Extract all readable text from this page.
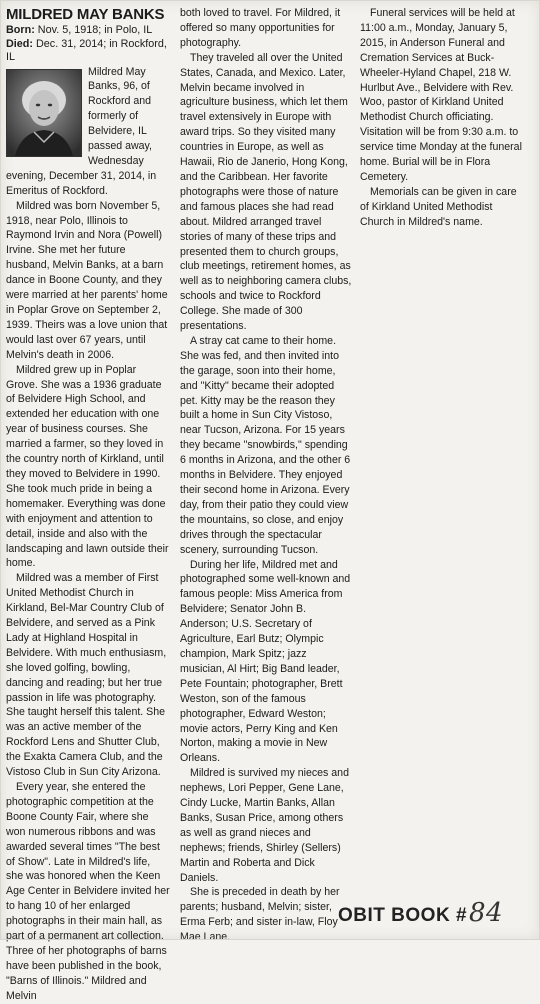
MILDRED MAY BANKS
Born: Nov. 5, 1918; in Polo, IL
Died: Dec. 31, 2014; in Rockford, IL

Mildred May Banks, 96, of Rockford and formerly of Belvidere, IL passed away, Wednesday evening, December 31, 2014, in Emeritus of Rockford.

Mildred was born November 5, 1918, near Polo, Illinois to Raymond Irvin and Nora (Powell) Irvine. She met her future husband, Melvin Banks, at a barn dance in Boone County, and they were married at her parents' home in Poplar Grove on September 2, 1939. Theirs was a love union that would last over 67 years, until Melvin's death in 2006.

Mildred grew up in Poplar Grove. She was a 1936 graduate of Belvidere High School, and extended her education with one year of business courses. She married a farmer, so they loved in the country north of Kirkland, until they moved to Belvidere in 1990. She took much pride in being a homemaker. Everything was done with enjoyment and attention to detail, inside and also with the landscaping and lawn outside their home.

Mildred was a member of First United Methodist Church in Kirkland, Bel-Mar Country Club of Belvidere, and served as a Pink Lady at Highland Hospital in Belvidere. With much enthusiasm, she loved golfing, bowling, dancing and reading; but her true passion in life was photography. She taught herself this talent. She was an active member of the Rockford Lens and Shutter Club, the Exakta Camera Club, and the Vistoso Club in Sun City Arizona.

Every year, she entered the photographic competition at the Boone County Fair, where she won numerous ribbons and was awarded several times "The best of Show". Late in Mildred's life, she was honored when the Keen Age Center in Belvidere invited her to hang 10 of her enlarged photographs in their main hall, as part of a permanent art collection. Three of her photographs of barns have been published in the book, "Barns of Illinois." Mildred and Melvin

both loved to travel. For Mildred, it offered so many opportunities for photography.

They traveled all over the United States, Canada, and Mexico. Later, Melvin became involved in agriculture business, which let them travel extensively in Europe with award trips. So they visited many countries in Europe, as well as Hawaii, Rio de Janerio, Hong Kong, and the Caribbean. Her favorite photographs were those of nature and famous places she had read about. Mildred arranged travel stories of many of these trips and presented them to church groups, club meetings, retirement homes, as well as to neighboring camera clubs, schools and twice to Rockford College. She made of 300 presentations.

A stray cat came to their home. She was fed, and then invited into the garage, soon into their home, and "Kitty" became their adopted pet. Kitty may be the reason they built a home in Sun City Vistoso, near Tucson, Arizona. For 15 years they became "snowbirds," spending 6 months in Arizona, and the other 6 months in Belvidere. They enjoyed their second home in Arizona. Every day, from their patio they could view the mountains, so close, and enjoy drives through the spectacular scenery, surrounding Tucson.

During her life, Mildred met and photographed some well-known and famous people: Miss America from Belvidere; Senator John B. Anderson; U.S. Secretary of Agriculture, Earl Butz; Olympic champion, Mark Spitz; jazz musician, Al Hirt; Big Band leader, Pete Fountain; photographer, Brett Weston, son of the famous photographer, Edward Weston; movie actors, Perry King and Ken Norton, making a movie in New Orleans.

Mildred is survived my nieces and nephews, Lori Pepper, Gene Lane, Cindy Lucke, Martin Banks, Allan Banks, Susan Price, among others as well as grand nieces and nephews; friends, Shirley (Sellers) Martin and Roberta and Dick Daniels.

She is preceded in death by her parents; husband, Melvin; sister, Erma Ferb; and sister in-law, Floy Mae Lane.

Funeral services will be held at 11:00 a.m., Monday, January 5, 2015, in Anderson Funeral and Cremation Services at Buck-Wheeler-Hyland Chapel, 218 W. Hurlbut Ave., Belvidere with Rev. Woo, pastor of Kirkland United Methodist Church officiating. Visitation will be from 9:30 a.m. to service time Monday at the funeral home. Burial will be in Flora Cemetery.

Memorials can be given in care of Kirkland United Methodist Church in Mildred's name.

OBIT BOOK #84
